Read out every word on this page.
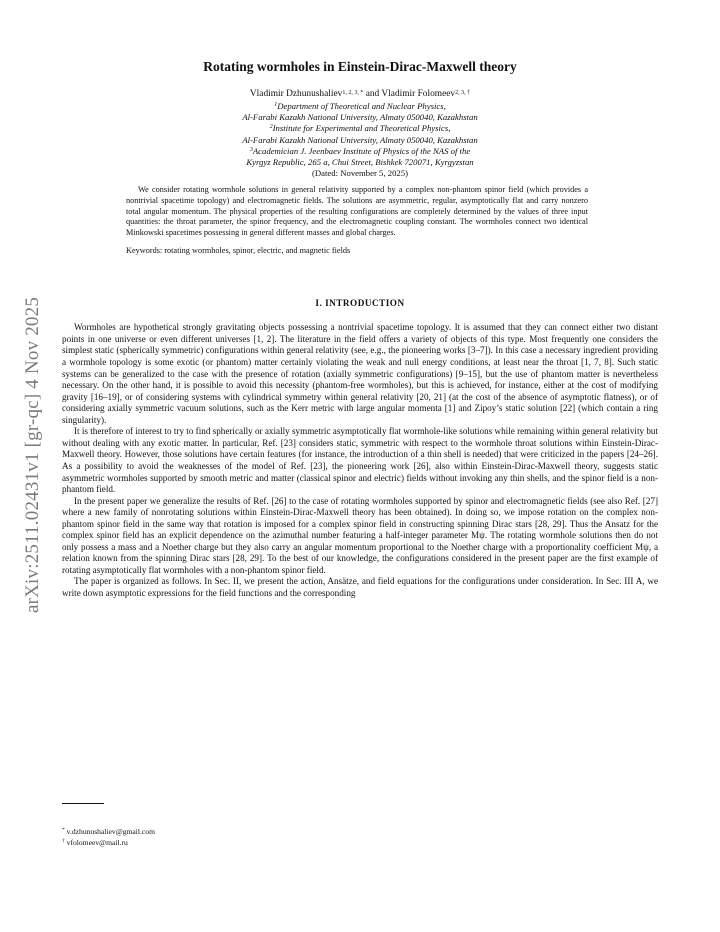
arXiv:2511.02431v1 [gr-qc] 4 Nov 2025
Rotating wormholes in Einstein-Dirac-Maxwell theory
Vladimir Dzhunushaliev$^{1, 2, 3, *}$ and Vladimir Folomeev$^{2, 3, \dagger}$
$^1$Department of Theoretical and Nuclear Physics,
Al-Farabi Kazakh National University, Almaty 050040, Kazakhstan
$^2$Institute for Experimental and Theoretical Physics,
Al-Farabi Kazakh National University, Almaty 050040, Kazakhstan
$^3$Academician J. Jeenbaev Institute of Physics of the NAS of the
Kyrgyz Republic, 265 a, Chui Street, Bishkek 720071, Kyrgyzstan
(Dated: November 5, 2025)

We consider rotating wormhole solutions in general relativity supported by a complex non-phantom spinor field (which provides a nontrivial spacetime topology) and electromagnetic fields. The solutions are asymmetric, regular, asymptotically flat and carry nonzero total angular momentum. The physical properties of the resulting configurations are completely determined by the values of three input quantities: the throat parameter, the spinor frequency, and the electromagnetic coupling constant. The wormholes connect two identical Minkowski spacetimes possessing in general different masses and global charges.

Keywords: rotating wormholes, spinor, electric, and magnetic fields
I. INTRODUCTION

Wormholes are hypothetical strongly gravitating objects possessing a nontrivial spacetime topology. It is assumed that they can connect either two distant points in one universe or even different universes [1, 2]. The literature in the field offers a variety of objects of this type. Most frequently one considers the simplest static (spherically symmetric) configurations within general relativity (see, e.g., the pioneering works [3–7]). In this case a necessary ingredient providing a wormhole topology is some exotic (or phantom) matter certainly violating the weak and null energy conditions, at least near the throat [1, 7, 8]. Such static systems can be generalized to the case with the presence of rotation (axially symmetric configurations) [9–15], but the use of phantom matter is nevertheless necessary. On the other hand, it is possible to avoid this necessity (phantom-free wormholes), but this is achieved, for instance, either at the cost of modifying gravity [16–19], or of considering systems with cylindrical symmetry within general relativity [20, 21] (at the cost of the absence of asymptotic flatness), or of considering axially symmetric vacuum solutions, such as the Kerr metric with large angular momenta [1] and Zipoy’s static solution [22] (which contain a ring singularity).

It is therefore of interest to try to find spherically or axially symmetric asymptotically flat wormhole-like solutions while remaining within general relativity but without dealing with any exotic matter. In particular, Ref. [23] considers static, symmetric with respect to the wormhole throat solutions within Einstein-Dirac-Maxwell theory. However, those solutions have certain features (for instance, the introduction of a thin shell is needed) that were criticized in the papers [24–26]. As a possibility to avoid the weaknesses of the model of Ref. [23], the pioneering work [26], also within Einstein-Dirac-Maxwell theory, suggests static asymmetric wormholes supported by smooth metric and matter (classical spinor and electric) fields without invoking any thin shells, and the spinor field is a non-phantom field.

In the present paper we generalize the results of Ref. [26] to the case of rotating wormholes supported by spinor and electromagnetic fields (see also Ref. [27] where a new family of nonrotating solutions within Einstein-Dirac-Maxwell theory has been obtained). In doing so, we impose rotation on the complex non-phantom spinor field in the same way that rotation is imposed for a complex spinor field in constructing spinning Dirac stars [28, 29]. Thus the Ansatz for the complex spinor field has an explicit dependence on the azimuthal number featuring a half-integer parameter Mψ. The rotating wormhole solutions then do not only possess a mass and a Noether charge but they also carry an angular momentum proportional to the Noether charge with a proportionality coefficient Mψ, a relation known from the spinning Dirac stars [28, 29]. To the best of our knowledge, the configurations considered in the present paper are the first example of rotating asymptotically flat wormholes with a non-phantom spinor field.

The paper is organized as follows. In Sec. II, we present the action, Ansätze, and field equations for the configurations under consideration. In Sec. III A, we write down asymptotic expressions for the field functions and the corresponding

* v.dzhunushaliev@gmail.com
† vfolomeev@mail.ru
